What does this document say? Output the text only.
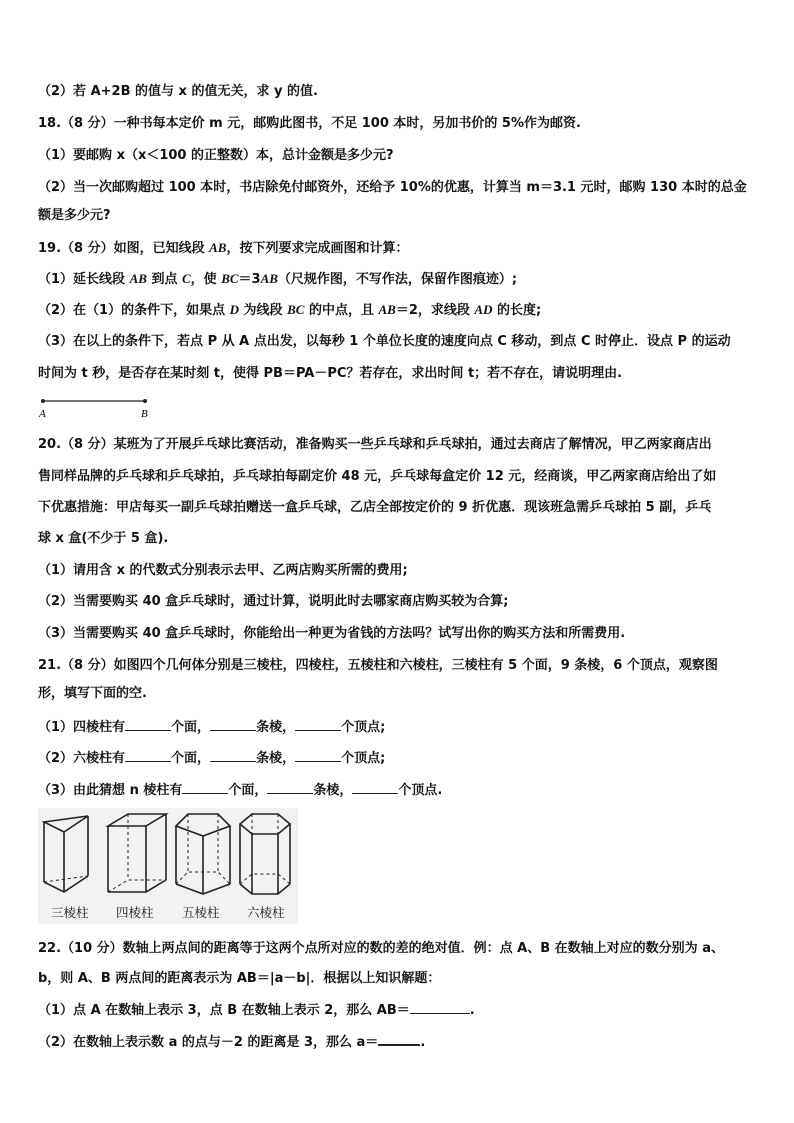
（2）若 A+2B 的值与 x 的值无关，求 y 的值.
18.（8 分）一种书每本定价 m 元，邮购此图书，不足 100 本时，另加书价的 5%作为邮资.
（1）要邮购 x（x＜100 的正整数）本，总计金额是多少元?
（2）当一次邮购超过 100 本时，书店除免付邮资外，还给予 10%的优惠，计算当 m＝3.1 元时，邮购 130 本时的总金
额是多少元?
19.（8 分）如图，已知线段 AB，按下列要求完成画图和计算：
（1）延长线段 AB 到点 C，使 BC＝3AB（尺规作图，不写作法，保留作图痕迹）;
（2）在（1）的条件下，如果点 D 为线段 BC 的中点，且 AB＝2，求线段 AD 的长度;
（3）在以上的条件下，若点 P 从 A 点出发，以每秒 1 个单位长度的速度向点 C 移动，到点 C 时停止．设点 P 的运动
时间为 t 秒，是否存在某时刻 t，使得 PB＝PA－PC？若存在，求出时间 t；若不存在，请说明理由.
A	B
20.（8 分）某班为了开展乒乓球比赛活动，准备购买一些乒乓球和乒乓球拍，通过去商店了解情况，甲乙两家商店出
售同样品牌的乒乓球和乒乓球拍，乒乓球拍每副定价 48 元，乒乓球每盒定价 12 元，经商谈，甲乙两家商店给出了如
下优惠措施：甲店每买一副乒乓球拍赠送一盒乒乓球，乙店全部按定价的 9 折优惠．现该班急需乒乓球拍 5 副，乒乓
球 x 盒(不少于 5 盒).
（1）请用含 x 的代数式分别表示去甲、乙两店购买所需的费用;
（2）当需要购买 40 盒乒乓球时，通过计算，说明此时去哪家商店购买较为合算;
（3）当需要购买 40 盒乒乓球时，你能给出一种更为省钱的方法吗？试写出你的购买方法和所需费用.
21.（8 分）如图四个几何体分别是三棱柱，四棱柱，五棱柱和六棱柱，三棱柱有 5 个面，9 条棱，6 个顶点，观察图
形，填写下面的空.
（1）四棱柱有	个面，	条棱，	个顶点;
（2）六棱柱有	个面，	条棱，	个顶点;
（3）由此猜想 n 棱柱有	个面，	条棱，	个顶点.
三棱柱 四棱柱 五棱柱 六棱柱
22.（10 分）数轴上两点间的距离等于这两个点所对应的数的差的绝对值．例：点 A、B 在数轴上对应的数分别为 a、
b，则 A、B 两点间的距离表示为 AB＝|a－b|．根据以上知识解题：
（1）点 A 在数轴上表示 3，点 B 在数轴上表示 2，那么 AB＝	.
（2）在数轴上表示数 a 的点与－2 的距离是 3，那么 a＝	.
